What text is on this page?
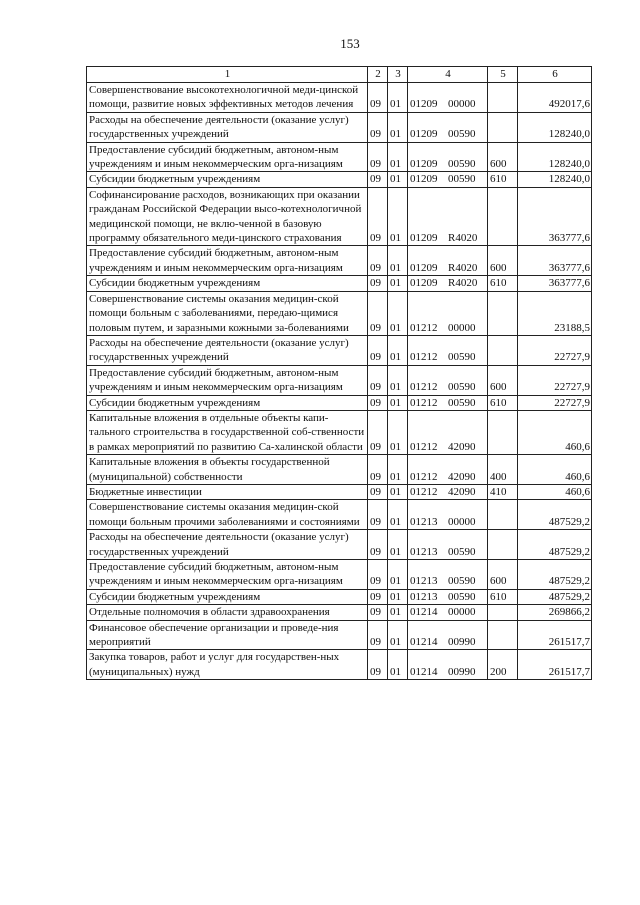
153
1	2	3	4	5	6
Совершенствование высокотехнологичной меди-цинской помощи, развитие новых эффективных методов лечения	09	01	01209 00000		492017,6
Расходы на обеспечение деятельности (оказание услуг) государственных учреждений	09	01	01209 00590		128240,0
Предоставление субсидий бюджетным, автоном-ным учреждениям и иным некоммерческим орга-низациям	09	01	01209 00590	600	128240,0
Субсидии бюджетным учреждениям	09	01	01209 00590	610	128240,0
Софинансирование расходов, возникающих при оказании гражданам Российской Федерации высо-котехнологичной медицинской помощи, не вклю-ченной в базовую программу обязательного меди-цинского страхования	09	01	01209 R4020		363777,6
Предоставление субсидий бюджетным, автоном-ным учреждениям и иным некоммерческим орга-низациям	09	01	01209 R4020	600	363777,6
Субсидии бюджетным учреждениям	09	01	01209 R4020	610	363777,6
Совершенствование системы оказания медицин-ской помощи больным с заболеваниями, передаю-щимися половым путем, и заразными кожными за-болеваниями	09	01	01212 00000		23188,5
Расходы на обеспечение деятельности (оказание услуг) государственных учреждений	09	01	01212 00590		22727,9
Предоставление субсидий бюджетным, автоном-ным учреждениям и иным некоммерческим орга-низациям	09	01	01212 00590	600	22727,9
Субсидии бюджетным учреждениям	09	01	01212 00590	610	22727,9
Капитальные вложения в отдельные объекты капи-тального строительства в государственной соб-ственности в рамках мероприятий по развитию Са-халинской области	09	01	01212 42090		460,6
Капитальные вложения в объекты государственной (муниципальной) собственности	09	01	01212 42090	400	460,6
Бюджетные инвестиции	09	01	01212 42090	410	460,6
Совершенствование системы оказания медицин-ской помощи больным прочими заболеваниями и состояниями	09	01	01213 00000		487529,2
Расходы на обеспечение деятельности (оказание услуг) государственных учреждений	09	01	01213 00590		487529,2
Предоставление субсидий бюджетным, автоном-ным учреждениям и иным некоммерческим орга-низациям	09	01	01213 00590	600	487529,2
Субсидии бюджетным учреждениям	09	01	01213 00590	610	487529,2
Отдельные полномочия в области здравоохранения	09	01	01214 00000		269866,2
Финансовое обеспечение организации и проведе-ния мероприятий	09	01	01214 00990		261517,7
Закупка товаров, работ и услуг для государствен-ных (муниципальных) нужд	09	01	01214 00990	200	261517,7
